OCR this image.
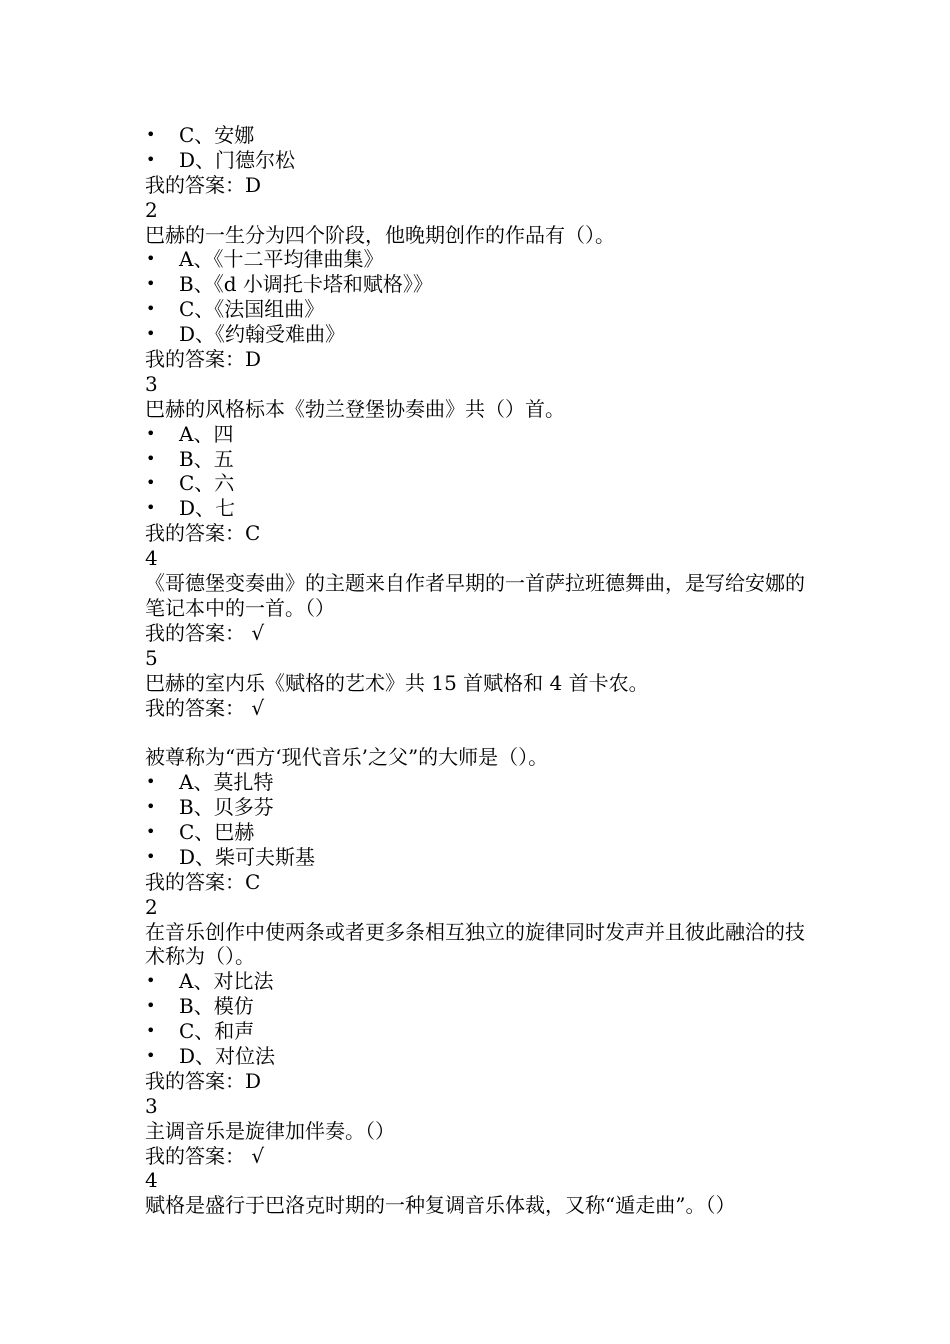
•	C、安娜
•	D、门德尔松
我的答案：D
2
巴赫的一生分为四个阶段，他晚期创作的作品有（）。
•	A、《十二平均律曲集》
•	B、《d 小调托卡塔和赋格》》
•	C、《法国组曲》
•	D、《约翰受难曲》
我的答案：D
3
巴赫的风格标本《勃兰登堡协奏曲》共（）首。
•	A、四
•	B、五
•	C、六
•	D、七
我的答案：C
4
《哥德堡变奏曲》的主题来自作者早期的一首萨拉班德舞曲，是写给安娜的笔记本中的一首。（）
我的答案： √
5
巴赫的室内乐《赋格的艺术》共 15 首赋格和 4 首卡农。
我的答案： √
被尊称为“西方‘现代音乐’之父”的大师是（）。
•	A、莫扎特
•	B、贝多芬
•	C、巴赫
•	D、柴可夫斯基
我的答案：C
2
在音乐创作中使两条或者更多条相互独立的旋律同时发声并且彼此融洽的技术称为（）。
•	A、对比法
•	B、模仿
•	C、和声
•	D、对位法
我的答案：D
3
主调音乐是旋律加伴奏。（）
我的答案： √
4
赋格是盛行于巴洛克时期的一种复调音乐体裁，又称“遁走曲”。（）
